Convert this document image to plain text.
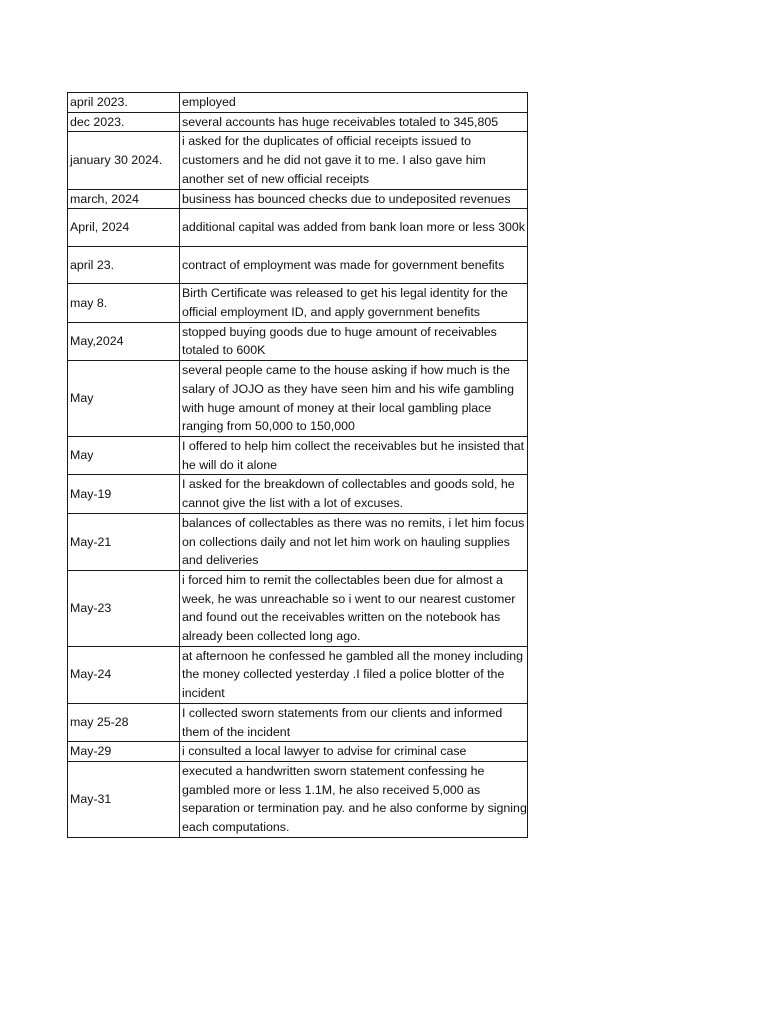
april 2023.	employed
dec 2023.	several accounts has huge receivables totaled to 345,805
january 30 2024.	i asked for the duplicates of official receipts issued to customers and he did not gave it to me. I also gave him another set of new official receipts
march, 2024	business has bounced checks due to undeposited revenues
April, 2024	additional capital was added from bank loan more or less 300k
april 23.	contract of employment was made for government benefits
may 8.	Birth Certificate was released to get his legal identity for the official employment ID, and apply government benefits
May,2024	stopped buying goods due to huge amount of receivables totaled to 600K
May	several people came to the house asking if how much is the salary of JOJO as they have seen him and his wife gambling with huge amount of money at their local gambling place ranging from 50,000 to 150,000
May	I offered to help him collect the receivables but he insisted that he will do it alone
May-19	I asked for the breakdown of collectables and goods sold, he cannot give the list with a lot of excuses.
May-21	balances of collectables as there was no remits, i let him focus on collections daily and not let him work on hauling supplies and deliveries
May-23	i forced him to remit the collectables been due for almost a week, he was unreachable so i went to our nearest customer and found out the receivables written on the notebook has already been collected long ago.
May-24	at afternoon he confessed he gambled all the money including the money collected yesterday .I filed a police blotter of the incident
may 25-28	I collected sworn statements from our clients and informed them of the incident
May-29	i consulted a local lawyer to advise for criminal case
May-31	executed a handwritten sworn statement confessing he gambled more or less 1.1M, he also received 5,000 as separation or termination pay. and he also conforme by signing each computations.
